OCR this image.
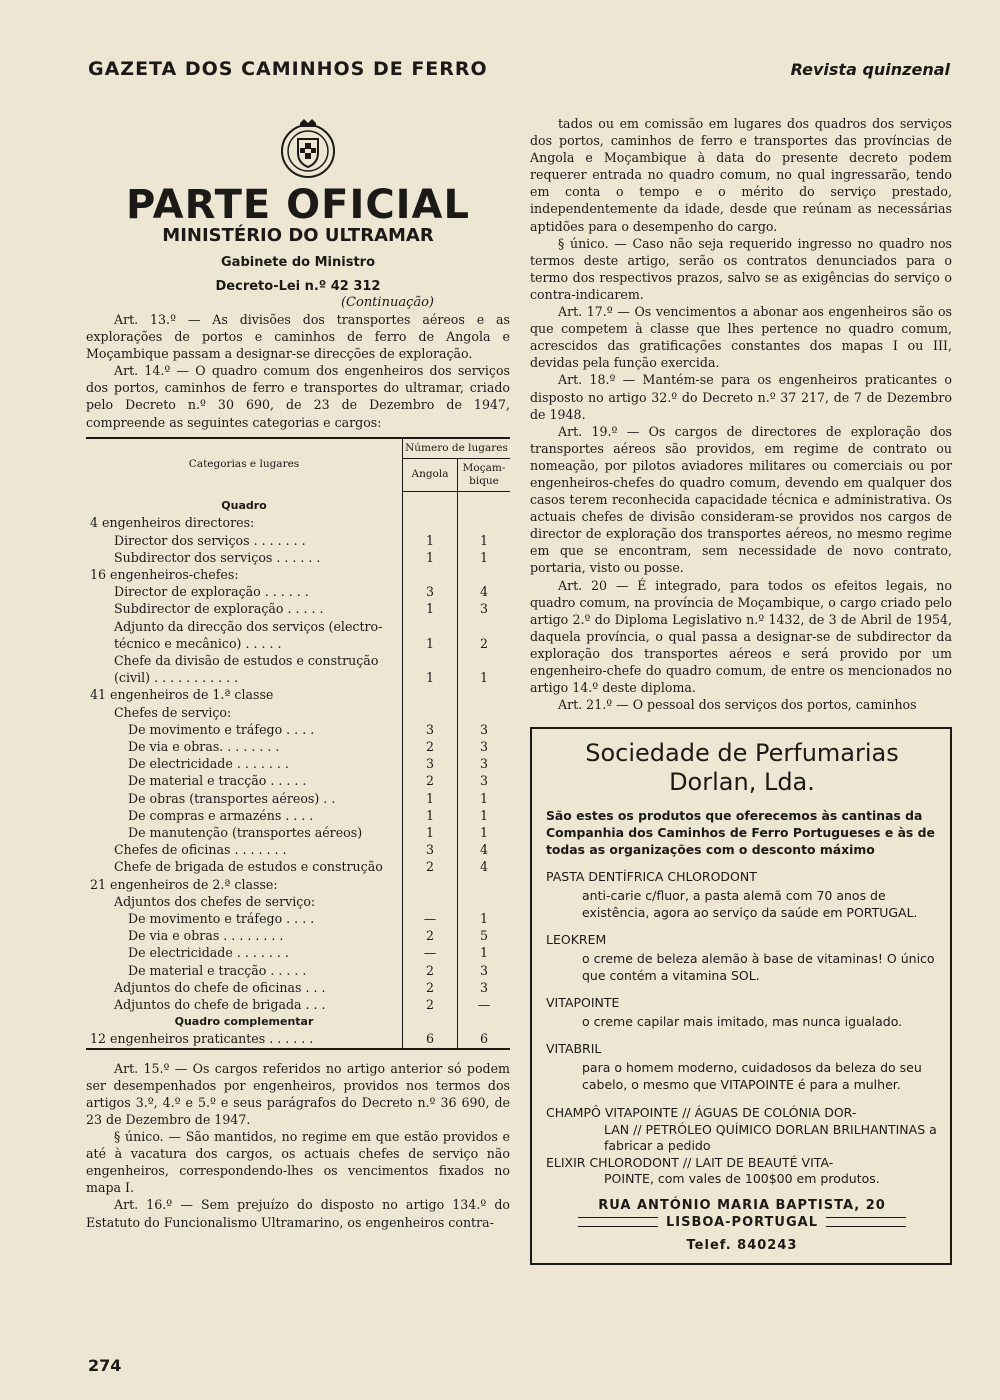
GAZETA DOS CAMINHOS DE FERRO	Revista quinzenal
PARTE OFICIAL
MINISTÉRIO DO ULTRAMAR
Gabinete do Ministro
Decreto-Lei n.º 42 312
(Continuação)

Art. 13.º — As divisões dos transportes aéreos e as explorações de portos e caminhos de ferro de Angola e Moçambique passam a designar-se direcções de exploração.

Art. 14.º — O quadro comum dos engenheiros dos serviços dos portos, caminhos de ferro e transportes do ultramar, criado pelo Decreto n.º 30 690, de 23 de Dezembro de 1947, compreende as seguintes categorias e cargos:

Categorias e lugares	Número de lugares	
	Angola	Moçam-bique
Quadro		
4 engenheiros directores:		
Director dos serviços . . . . . . .	1	1
Subdirector dos serviços . . . . . .	1	1
16 engenheiros-chefes:		
Director de exploração . . . . . .	3	4
Subdirector de exploração . . . . .	1	3
Adjunto da direcção dos serviços (electro-técnico e mecânico) . . . . .	1	2
Chefe da divisão de estudos e construção (civil) . . . . . . . . . . .	1	1
41 engenheiros de 1.ª classe		
Chefes de serviço:		
De movimento e tráfego . . . .	3	3
De via e obras. . . . . . . .	2	3
De electricidade . . . . . . .	3	3
De material e tracção . . . . .	2	3
De obras (transportes aéreos) . .	1	1
De compras e armazéns . . . .	1	1
De manutenção (transportes aéreos)	1	1
Chefes de oficinas . . . . . . .	3	4
Chefe de brigada de estudos e construção	2	4
21 engenheiros de 2.ª classe:		
Adjuntos dos chefes de serviço:		
De movimento e tráfego . . . .	—	1
De via e obras . . . . . . . .	2	5
De electricidade . . . . . . .	—	1
De material e tracção . . . . .	2	3
Adjuntos do chefe de oficinas . . .	2	3
Adjuntos do chefe de brigada . . .	2	—
Quadro complementar		
12 engenheiros praticantes . . . . . .	6	6

Art. 15.º — Os cargos referidos no artigo anterior só podem ser desempenhados por engenheiros, providos nos termos dos artigos 3.º, 4.º e 5.º e seus parágrafos do Decreto n.º 36 690, de 23 de Dezembro de 1947.

§ único. — São mantidos, no regime em que estão providos e até à vacatura dos cargos, os actuais chefes de serviço não engenheiros, correspondendo-lhes os vencimentos fixados no mapa I.

Art. 16.º — Sem prejuízo do disposto no artigo 134.º do Estatuto do Funcionalismo Ultramarino, os engenheiros contra-

tados ou em comissão em lugares dos quadros dos serviços dos portos, caminhos de ferro e transportes das províncias de Angola e Moçambique à data do presente decreto podem requerer entrada no quadro comum, no qual ingressarão, tendo em conta o tempo e o mérito do serviço prestado, independentemente da idade, desde que reúnam as necessárias aptidões para o desempenho do cargo.

§ único. — Caso não seja requerido ingresso no quadro nos termos deste artigo, serão os contratos denunciados para o termo dos respectivos prazos, salvo se as exigências do serviço o contra-indicarem.

Art. 17.º — Os vencimentos a abonar aos engenheiros são os que competem à classe que lhes pertence no quadro comum, acrescidos das gratificações constantes dos mapas I ou III, devidas pela função exercida.

Art. 18.º — Mantém-se para os engenheiros praticantes o disposto no artigo 32.º do Decreto n.º 37 217, de 7 de Dezembro de 1948.

Art. 19.º — Os cargos de directores de exploração dos transportes aéreos são providos, em regime de contrato ou nomeação, por pilotos aviadores militares ou comerciais ou por engenheiros-chefes do quadro comum, devendo em qualquer dos casos terem reconhecida capacidade técnica e administrativa. Os actuais chefes de divisão consideram-se providos nos cargos de director de exploração dos transportes aéreos, no mesmo regime em que se encontram, sem necessidade de novo contrato, portaria, visto ou posse.

Art. 20 — É integrado, para todos os efeitos legais, no quadro comum, na província de Moçambique, o cargo criado pelo artigo 2.º do Diploma Legislativo n.º 1432, de 3 de Abril de 1954, daquela província, o qual passa a designar-se de subdirector da exploração dos transportes aéreos e será provido por um engenheiro-chefe do quadro comum, de entre os mencionados no artigo 14.º deste diploma.

Art. 21.º — O pessoal dos serviços dos portos, caminhos

Sociedade de Perfumarias
Dorlan, Lda.
São estes os produtos que oferecemos às cantinas da Companhia dos Caminhos de Ferro Portugueses e às de todas as organizações com o desconto máximo
PASTA DENTÍFRICA CHLORODONT
anti-carie c/fluor, a pasta alemã com 70 anos de existência, agora ao serviço da saúde em PORTUGAL.
LEOKREM
o creme de beleza alemão à base de vitaminas! O único que contém a vitamina SOL.
VITAPOINTE
o creme capilar mais imitado, mas nunca igualado.
VITABRIL
para o homem moderno, cuidadosos da beleza do seu cabelo, o mesmo que VITAPOINTE é para a mulher.
CHAMPÔ VITAPOINTE // ÁGUAS DE COLÓNIA DOR-
LAN // PETRÓLEO QUÍMICO DORLAN BRILHANTINAS a fabricar a pedido
ELIXIR CHLORODONT // LAIT DE BEAUTÉ VITA-
POINTE, com vales de 100$00 em produtos.
RUA ANTÓNIO MARIA BAPTISTA, 20
LISBOA-PORTUGAL
Telef. 840243
274
